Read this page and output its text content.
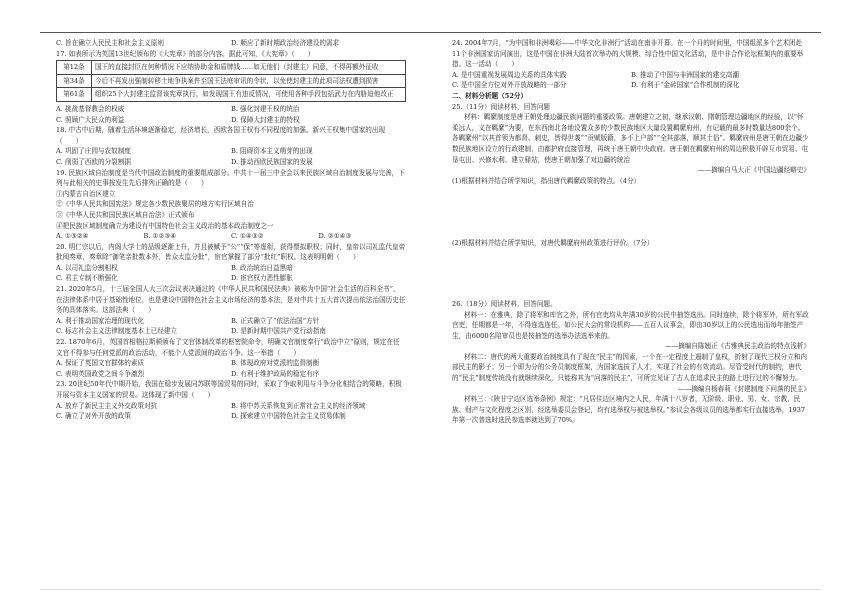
C. 旨在确立人民民主和社会主义原则	D. 顺应了新时期政治经济建设的需求

17. 如表所示为英国13世纪颁布的《大宪章》的部分内容。据此可知，《大宪章》（　　）

第12条	国王的直接封臣在何种情况下应纳协助金和盾牌钱……如无他们（封建主）同意，不得再额外征收
第34条	今后不再发出强制转移土地争执案件至国王法庭审讯的令状，以免使封建主的此项司法权遭到损害
第61条	组织25个大封建主监督该宪章执行，如发现国王有违反情况，可使用各种手段包括武力在内胁迫他改正
A. 挑战基督教会的权威	B. 强化封建王权的统治
C. 照顾广大民众的利益	D. 保障大封建主的特权

18. 中古中后期，随着生活环境逐渐稳定，经济增长，西欧各国王权有不同程度的加强。新兴王权集中国家的出现（　　）

A. 巩固了庄园与农奴制度	B. 阻碍资本主义萌芽的出现
C. 削弱了西欧的分裂割据	D. 推动西欧民族国家的发展

19. 民族区域自治制度是当代中国政治制度的重要组成部分。中共十一届三中全会以来民族区域自治制度发展与完善，下列与此相关的史事按发生先后排列正确的是（　　）

①内蒙古自治区建立

②《中华人民共和国宪法》规定各少数民族聚居的地方实行区域自治

③《中华人民共和国民族区域自治法》正式颁布

④把民族区域制度确立为建设有中国特色社会主义政治的基本政治制度之一

A. ①③②④	B. ①②③④	C. ①④③②	D. ②①④③

20. 明仁宗以后，内阁大学士的品级逐渐上升，并且被赋予“公”“保”等虚衔，获得票拟职权；同时，皇帝以司礼监代皇帝批阅奏章，奏章除“御笔亲批数本外，皆众太监分批”，宦官掌握了部分“批红”职权。这表明明朝（　　）

A. 以司礼监分割相权	B. 政治统治日益黑暗
C. 君主专制不断强化	D. 宦官权力恶性膨胀

21. 2020年5月，十三届全国人大三次会议表决通过的《中华人民共和国民法典》被称为中国“社会生活的百科全书”，在法律体系中居于基础性地位，也是建设中国特色社会主义市场经济的基本法，是对中共十五大首次提出依法治国历史任务的具体落实。这部法典（　　）

A. 利于推动国家治理的现代化	B. 正式确立了“依法治国”方针
C. 标志社会主义法律制度基本上已经建立	D. 是新时期中国共产党行动指南

22. 1870年6月，英国首相格拉斯顿颁布了文官体制改革的枢密院命令，明确文官制度奉行“政治中立”原则，规定在任文官不得参与任何党派的政治活动，不能个人党派间的政治斗争。这一举措（　　）

A. 保证了英国文官群体的素质	B. 体现政府对党派的监督制衡
C. 表明英国政党之间斗争激烈	D. 有利于维护政局的稳定有序

23. 20世纪50年代中期开始，我国在稳步发展同苏联等国贸易的同时，采取了争取利用与斗争分化相结合的策略，积极开展与资本主义国家的贸易。这体现了新中国（　　）

A. 放弃了新民主主义外交政策对抗	B. 将中苏关系恢复到正常社会主义的经济领域
C. 确立了对外开放的政策	D. 探索建立中国特色社会主义贸易体制

24. 2004年7月，“为中国和非洲喝彩——中华文化非洲行”活动在南非开幕。在一个月的时间里，中国组派多个艺术团赴11个非洲国家访问演出，这是中国在非洲大陆首次举办的大规模、综合性中国文化活动，是中非合作论坛框架内的重要举措。这一活动（　　）

A. 是中国重视发展周边关系的具体实践	B. 推动了中国与非洲国家的建交高潮
C. 是中国全方位对外开放战略的一部分	D. 有利于“金砖国家”合作机制的深化

二、材料分析题（52分）

25.（11分）阅读材料，回答问题

材料：羁縻制度是唐王朝处理边疆民族问题的重要政策。唐朝建立之初，继承汉朝、隋朝管理边疆地区的经验，以“怀柔远人，义在羁縻”为要，在东西南北各地设置众多的少数民族地区大量设置羁縻府州，有记载的最多时数量达800余个。各羁縻州“以其首领为都督、刺史，皆得世袭”“贡赋版籍，多不上户部”“全其部落，顺其土俗”。羁縻府州是唐王朝在边疆少数民族地区设立的行政建制，由都护府直接管理，再统于唐王朝中央政府。唐王朝在羁縻府州的周边积极开辟互市贸易、屯垦屯田、兴修水利、建立驿站，使唐王朝加强了对边疆的统治

——摘编自马大正《中国边疆经略史》

(1)根据材料并结合所学知识，指出唐代羁縻政策的特点。（4分）

(2)根据材料并结合所学知识，对唐代羁縻府州政策进行评价。（7分）

26.（18分）阅读材料，回答问题。

材料一：在雅典，除了将军和库官之外，所有官吏均从年满30岁的公民中抽签选出。同时连续，除个将军外，所有军政官吏，任期都是一年，不得连选连任。如公民大会的常设机构——五百人议事会，即由30岁以上的公民选出而每年抽签产生，由6000名陪审员也是按抽签的选举办法选举来的。

——摘编自陈翘正《古雅典民主政治的特点浅析》

材料二：唐代的两大重要政治制度具有了现在“民主”的因素，一个在一定程度上遏制了皇权，折射了现代三权分立和内部民主的影子；另一个即为分的公务员制度框架，为国家选拔了人才，实现了社会的有效流动。尽管受时代的制约，唐代的“民主”制度传统没有就继续深化，只能称其为“问落的民主”，可所完见证了古人在追求民主的路上进行过的不懈努力。

——摘编自杨春莉《封建制度下问落的民主》

材料三：《陕甘宁边区选举条例》规定：“凡居住边区境内之人民，年满十八岁者，无阶级、职业、男、女、宗教、民族、财产与文化程度之区别，经选举委员会登记，均有选举权与被选举权。”参议会各级议员的选举都实行直接选举，1937年第一次普选时选民参选率就达到了70%。
